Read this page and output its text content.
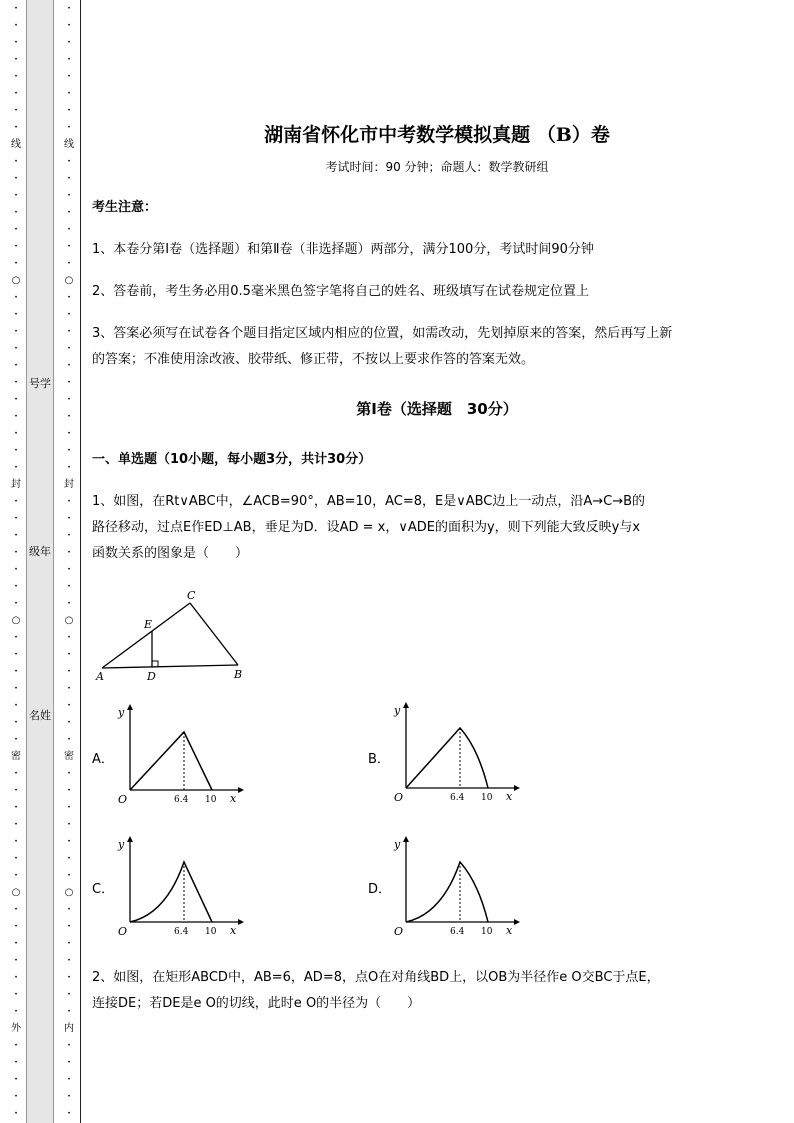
•
•
•
•
•
•
•
•
线
•
•
•
•
•
•
•
○
•
•
•
•
•
•
•
•
•
•
•
封
•
•
•
•
•
•
•
○
•
•
•
•
•
•
•
密
•
•
•
•
•
•
•
○
•
•
•
•
•
•
•
外
•
•
•
•
•
号学
级年
名姓
•
•
•
•
•
•
•
•
线
•
•
•
•
•
•
•
○
•
•
•
•
•
•
•
•
•
•
•
封
•
•
•
•
•
•
•
○
•
•
•
•
•
•
•
密
•
•
•
•
•
•
•
○
•
•
•
•
•
•
•
内
•
•
•
•
•
湖南省怀化市中考数学模拟真题 （B）卷
考试时间：90 分钟；命题人：数学教研组
考生注意：
1、本卷分第Ⅰ卷（选择题）和第Ⅱ卷（非选择题）两部分，满分100分，考试时间90分钟
2、答卷前，考生务必用0.5毫米黑色签字笔将自己的姓名、班级填写在试卷规定位置上
3、答案必须写在试卷各个题目指定区域内相应的位置，如需改动，先划掉原来的答案，然后再写上新
的答案；不准使用涂改液、胶带纸、修正带，不按以上要求作答的答案无效。
第Ⅰ卷（选择题　30分）
一、单选题（10小题，每小题3分，共计30分）
1、如图，在Rt∨ABC中，∠ACB=90°，AB=10，AC=8，E是∨ABC边上一动点，沿A→C→B的
路径移动，过点E作ED⊥AB，垂足为D．设AD = x，∨ADE的面积为y，则下列能大致反映y与x
函数关系的图象是（　　）
A	B
C
D
E
A．
y
x
O	6.4 10
B．
y
x
O	6.4 10
C．
y
x
O	6.4 10
D．
y
x
O	6.4 10
2、如图，在矩形ABCD中，AB=6，AD=8，点O在对角线BD上，以OB为半径作e O交BC于点E，
连接DE；若DE是e O的切线，此时e O的半径为（　　）
